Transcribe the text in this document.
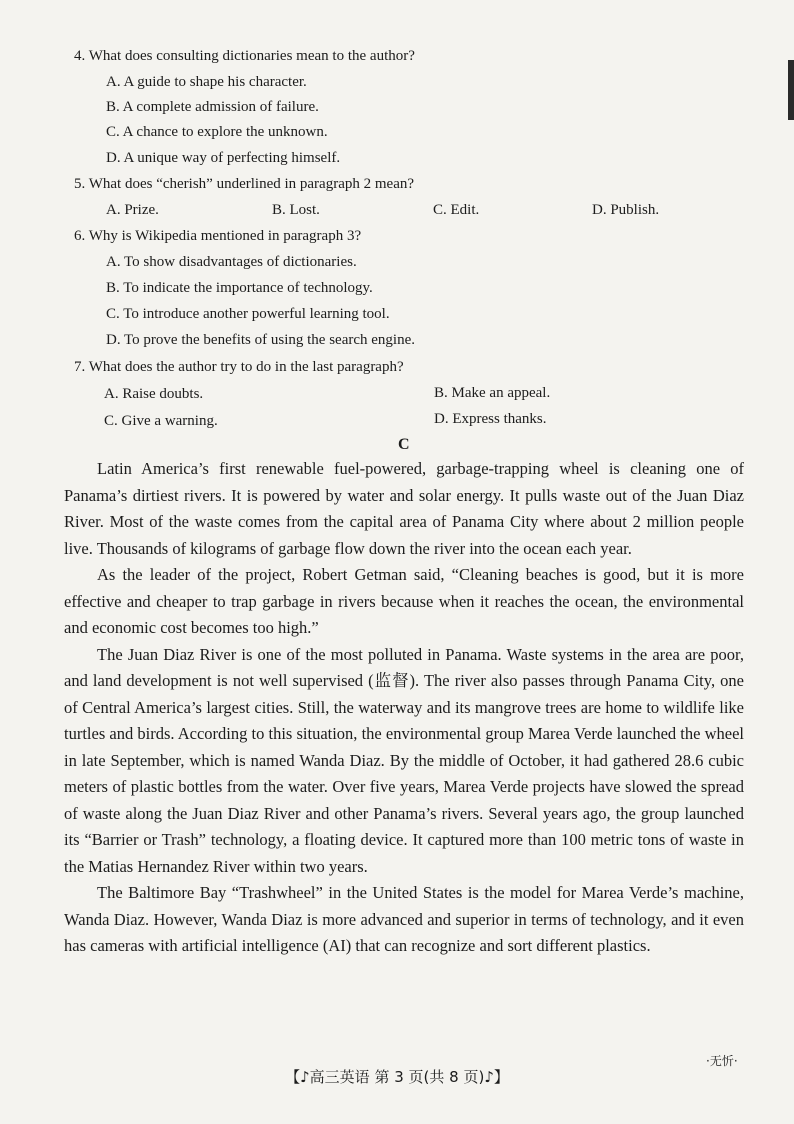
4. What does consulting dictionaries mean to the author?
A. A guide to shape his character.
B. A complete admission of failure.
C. A chance to explore the unknown.
D. A unique way of perfecting himself.
5. What does “cherish” underlined in paragraph 2 mean?
A. Prize.	B. Lost.	C. Edit.	D. Publish.
6. Why is Wikipedia mentioned in paragraph 3?
A. To show disadvantages of dictionaries.
B. To indicate the importance of technology.
C. To introduce another powerful learning tool.
D. To prove the benefits of using the search engine.
7. What does the author try to do in the last paragraph?
A. Raise doubts.	B. Make an appeal.
C. Give a warning.	D. Express thanks.
C

Latin America’s first renewable fuel-powered, garbage-trapping wheel is cleaning one of Panama’s dirtiest rivers. It is powered by water and solar energy. It pulls waste out of the Juan Diaz River. Most of the waste comes from the capital area of Panama City where about 2 million people live. Thousands of kilograms of garbage flow down the river into the ocean each year.

As the leader of the project, Robert Getman said, “Cleaning beaches is good, but it is more effective and cheaper to trap garbage in rivers because when it reaches the ocean, the environmental and economic cost becomes too high.”

The Juan Diaz River is one of the most polluted in Panama. Waste systems in the area are poor, and land development is not well supervised (监督). The river also passes through Panama City, one of Central America’s largest cities. Still, the waterway and its mangrove trees are home to wildlife like turtles and birds. According to this situation, the environmental group Marea Verde launched the wheel in late September, which is named Wanda Diaz. By the middle of October, it had gathered 28.6 cubic meters of plastic bottles from the water. Over five years, Marea Verde projects have slowed the spread of waste along the Juan Diaz River and other Panama’s rivers. Several years ago, the group launched its “Barrier or Trash” technology, a floating device. It captured more than 100 metric tons of waste in the Matias Hernandez River within two years.

The Baltimore Bay “Trashwheel” in the United States is the model for Marea Verde’s machine, Wanda Diaz. However, Wanda Diaz is more advanced and superior in terms of technology, and it even has cameras with artificial intelligence (AI) that can recognize and sort different plastics.

【♪高三英语 第 3 页(共 8 页)♪】
·无忻·
